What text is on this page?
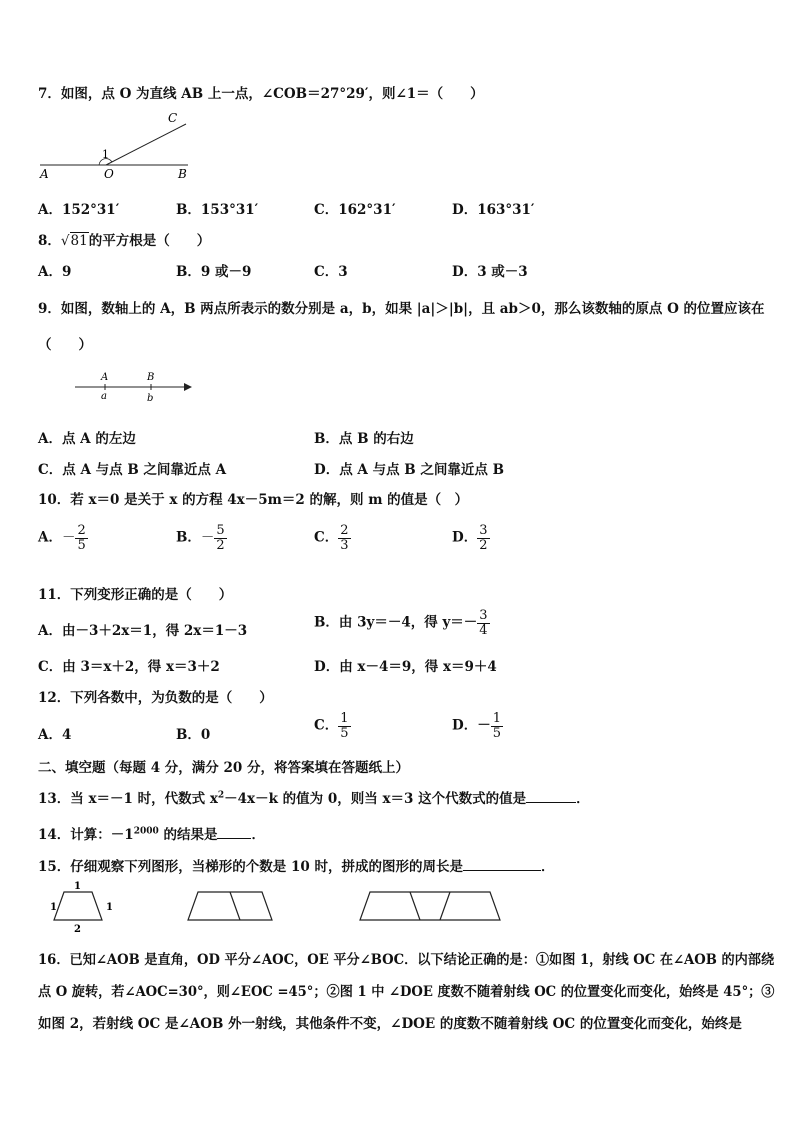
7．如图，点 O 为直线 AB 上一点，∠COB＝27°29′，则∠1＝（　　）
A	O	B
C
1
A．152°31′	B．153°31′	C．162°31′	D．163°31′
8．√81的平方根是（　　）
A．9	B．9 或－9	C．3	D．3 或－3
9．如图，数轴上的 A，B 两点所表示的数分别是 a，b，如果 |a|＞|b|，且 ab＞0，那么该数轴的原点 O 的位置应该在
（　　）
A	B
a	b
A．点 A 的左边	B．点 B 的右边
C．点 A 与点 B 之间靠近点 A	D．点 A 与点 B 之间靠近点 B
10．若 x＝0 是关于 x 的方程 4x－5m＝2 的解，则 m 的值是（　）
A．－ $\frac{2}{5}$	B．－ $\frac{5}{2}$	C． $\frac{2}{3}$	D． $\frac{3}{2}$
11．下列变形正确的是（　　）
A．由－3＋2x＝1，得 2x＝1－3
B．由 3y＝－4，得 $y=- \frac{3}{4}$
C．由 3＝x＋2，得 x＝3＋2	D．由 x－4＝9，得 x＝9＋4
12．下列各数中，为负数的是（　　）
A．4	B．0
C． $\frac{1}{5}$	D．－ $\frac{1}{5}$
二、填空题（每题 4 分，满分 20 分，将答案填在答题纸上）
13．当 x＝－1 时，代数式 $x^2-4x-k$ 的值为 0，则当 x＝3 这个代数式的值是	．
14．计算：$-1^{2000}$ 的结果是	．
15．仔细观察下列图形，当梯形的个数是 10 时，拼成的图形的周长是	．
1
1	1
2
16．已知∠AOB 是直角，OD 平分∠AOC，OE 平分∠BOC．以下结论正确的是：①如图 1，射线 OC 在∠AOB 的内部绕
点 O 旋转，若∠AOC=30°，则∠EOC =45°；②图 1 中 ∠DOE 度数不随着射线 OC 的位置变化而变化，始终是 45°；③
如图 2，若射线 OC 是∠AOB 外一射线，其他条件不变，∠DOE 的度数不随着射线 OC 的位置变化而变化，始终是
